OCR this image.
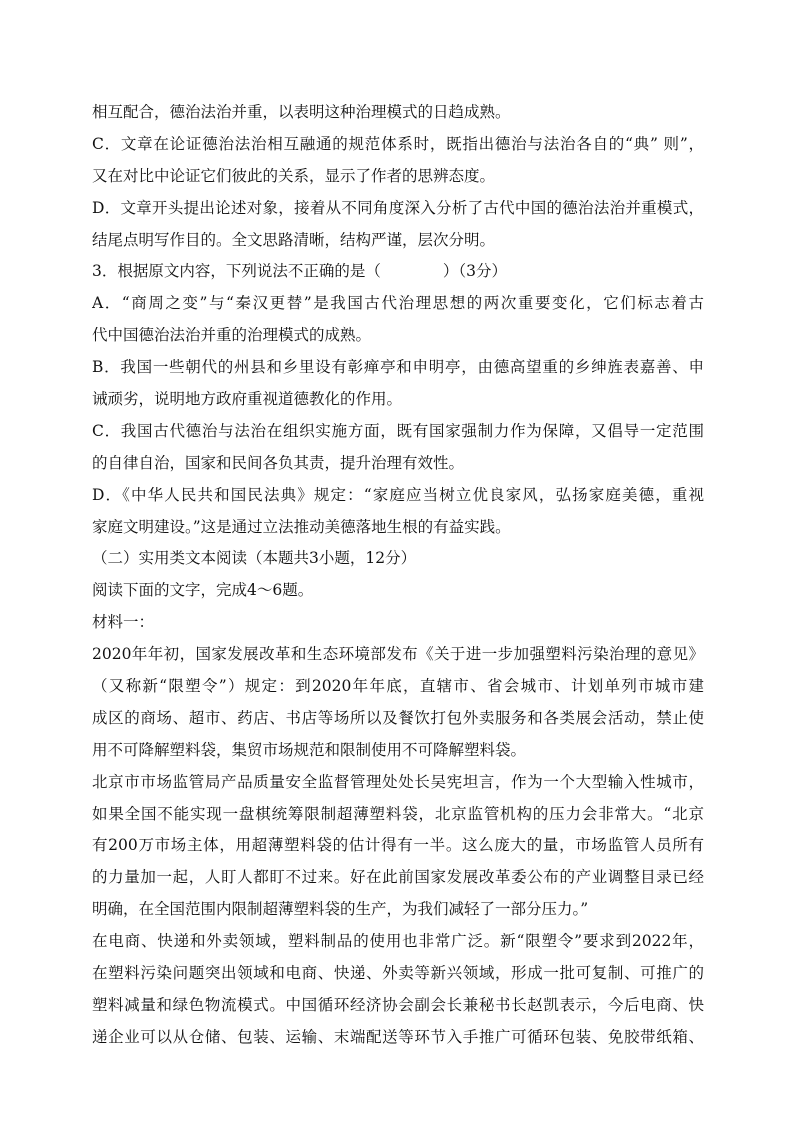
相互配合，德治法治并重，以表明这种治理模式的日趋成熟。
C．文章在论证德治法治相互融通的规范体系时，既指出德治与法治各自的“典” 则”，
又在对比中论证它们彼此的关系，显示了作者的思辨态度。
D．文章开头提出论述对象，接着从不同角度深入分析了古代中国的德治法治并重模式，
结尾点明写作目的。全文思路清晰，结构严谨，层次分明。
3．根据原文内容，下列说法不正确的是（　　　　）（3分）
A．“商周之变”与“秦汉更替”是我国古代治理思想的两次重要变化，它们标志着古
代中国德治法治并重的治理模式的成熟。
B．我国一些朝代的州县和乡里设有彰瘅亭和申明亭，由德高望重的乡绅旌表嘉善、申
诫顽劣，说明地方政府重视道德教化的作用。
C．我国古代德治与法治在组织实施方面，既有国家强制力作为保障，又倡导一定范围
的自律自治，国家和民间各负其责，提升治理有效性。
D．《中华人民共和国民法典》规定：“家庭应当树立优良家风，弘扬家庭美德，重视
家庭文明建设。”这是通过立法推动美德落地生根的有益实践。
（二）实用类文本阅读（本题共3小题，12分）
阅读下面的文字，完成4～6题。
材料一：
2020年年初，国家发展改革和生态环境部发布《关于进一步加强塑料污染治理的意见》
（又称新“限塑令”）规定：到2020年年底，直辖市、省会城市、计划单列市城市建
成区的商场、超市、药店、书店等场所以及餐饮打包外卖服务和各类展会活动，禁止使
用不可降解塑料袋，集贸市场规范和限制使用不可降解塑料袋。
北京市市场监管局产品质量安全监督管理处处长吴宪坦言，作为一个大型输入性城市，
如果全国不能实现一盘棋统筹限制超薄塑料袋，北京监管机构的压力会非常大。“北京
有200万市场主体，用超薄塑料袋的估计得有一半。这么庞大的量，市场监管人员所有
的力量加一起，人盯人都盯不过来。好在此前国家发展改革委公布的产业调整目录已经
明确，在全国范围内限制超薄塑料袋的生产，为我们减轻了一部分压力。”
在电商、快递和外卖领域，塑料制品的使用也非常广泛。新“限塑令”要求到2022年，
在塑料污染问题突出领域和电商、快递、外卖等新兴领域，形成一批可复制、可推广的
塑料减量和绿色物流模式。中国循环经济协会副会长兼秘书长赵凯表示，今后电商、快
递企业可以从仓储、包装、运输、末端配送等环节入手推广可循环包装、免胶带纸箱、
